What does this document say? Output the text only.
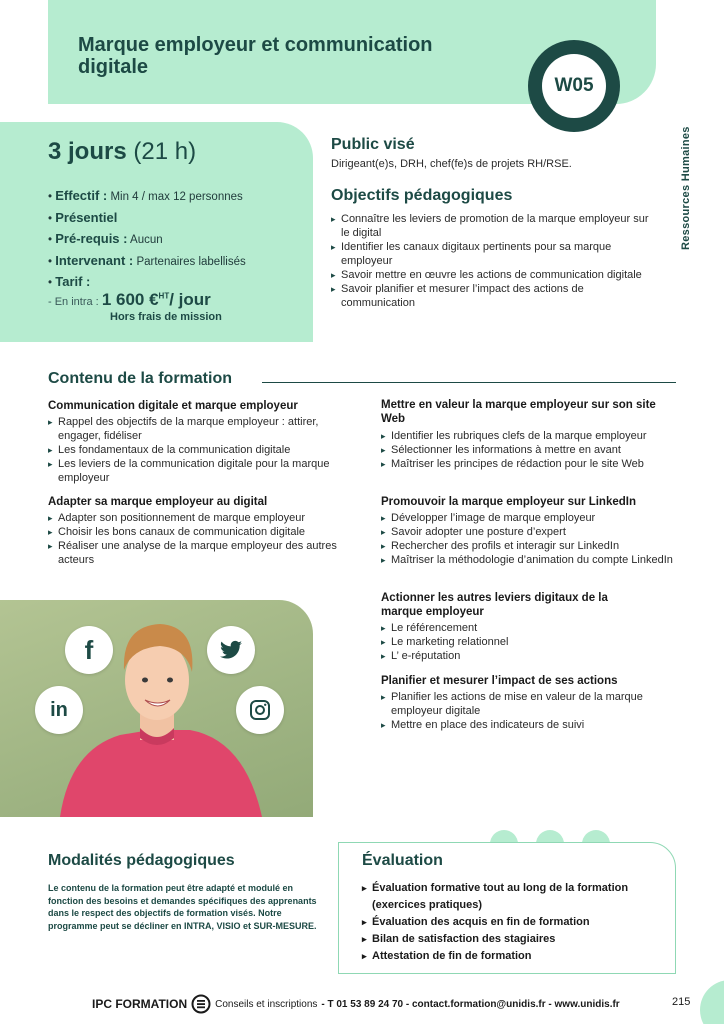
Marque employeur et communication digitale
W05
Ressources Humaines
3 jours (21 h)
• Effectif : Min 4 / max 12 personnes
• Présentiel
• Pré-requis : Aucun
• Intervenant : Partenaires labellisés
• Tarif :
- En intra : 1 600 €$^{HT}$/ jour
Hors frais de mission
Public visé

Dirigeant(e)s, DRH, chef(fe)s de projets RH/RSE.

Objectifs pédagogiques
▸ Connaître les leviers de promotion de la marque employeur sur le digital
▸ Identifier les canaux digitaux pertinents pour sa marque employeur
▸ Savoir mettre en œuvre les actions de communication digitale
▸ Savoir planifier et mesurer l’impact des actions de communication
Contenu de la formation
Communication digitale et marque employeur
▸ Rappel des objectifs de la marque employeur : attirer, engager, fidéliser
▸ Les fondamentaux de la communication digitale
▸ Les leviers de la communication digitale pour la marque employeur
Adapter sa marque employeur au digital
▸ Adapter son positionnement de marque employeur
▸ Choisir les bons canaux de communication digitale
▸ Réaliser une analyse de la marque employeur des autres acteurs
Mettre en valeur la marque employeur sur son site Web
▸ Identifier les rubriques clefs de la marque employeur
▸ Sélectionner les informations à mettre en avant
▸ Maîtriser les principes de rédaction pour le site Web
Promouvoir la marque employeur sur LinkedIn
▸ Développer l’image de marque employeur
▸ Savoir adopter une posture d’expert
▸ Rechercher des profils et interagir sur LinkedIn
▸ Maîtriser la méthodologie d’animation du compte LinkedIn
Actionner les autres leviers digitaux de la marque employeur
▸ Le référencement
▸ Le marketing relationnel
▸ L’ e-réputation
Planifier et mesurer l’impact de ses actions
▸ Planifier les actions de mise en valeur de la marque employeur digitale
▸ Mettre en place des indicateurs de suivi
f
in
Modalités pédagogiques

Le contenu de la formation peut être adapté et modulé en fonction des besoins et demandes spécifiques des apprenants dans le respect des objectifs de formation visés. Notre programme peut se décliner en INTRA, VISIO et SUR-MESURE.

Évaluation
▸ Évaluation formative tout au long de la formation (exercices pratiques)
▸ Évaluation des acquis en fin de formation
▸ Bilan de satisfaction des stagiaires
▸ Attestation de fin de formation
IPC FORMATION	Conseils et inscriptions - T 01 53 89 24 70 - contact.formation@unidis.fr - www.unidis.fr	215
